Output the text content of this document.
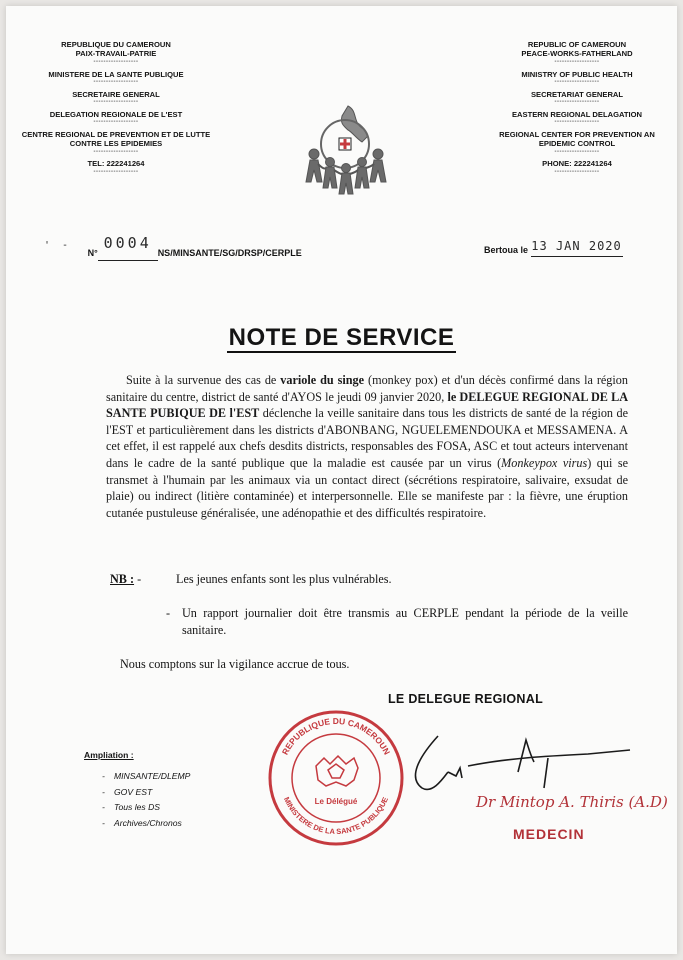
REPUBLIQUE DU CAMEROUN
PAIX-TRAVAIL-PATRIE
------------------
MINISTERE DE LA SANTE PUBLIQUE
------------------
SECRETAIRE GENERAL
------------------
DELEGATION REGIONALE DE L'EST
------------------
CENTRE REGIONAL DE PREVENTION ET DE LUTTE
CONTRE LES EPIDEMIES
------------------
TEL: 222241264
------------------
REPUBLIC OF CAMEROUN
PEACE-WORKS-FATHERLAND
------------------
MINISTRY OF PUBLIC HEALTH
------------------
SECRETARIAT GENERAL
------------------
EASTERN REGIONAL DELAGATION
------------------
REGIONAL CENTER FOR PREVENTION AN
EPIDEMIC CONTROL
------------------
PHONE: 222241264
------------------
' - N°0004NS/MINSANTE/SG/DRSP/CERPLE	Bertoua le 13 JAN 2020
NOTE DE SERVICE

Suite à la survenue des cas de variole du singe (monkey pox) et d'un décès confirmé dans la région sanitaire du centre, district de santé d'AYOS le jeudi 09 janvier 2020, le DELEGUE REGIONAL DE LA SANTE PUBIQUE DE l'EST déclenche la veille sanitaire dans tous les districts de santé de la région de l'EST et particulièrement dans les districts d'ABONBANG, NGUELEMENDOUKA et MESSAMENA. A cet effet, il est rappelé aux chefs desdits districts, responsables des FOSA, ASC et tout acteurs intervenant dans le cadre de la santé publique que la maladie est causée par un virus (Monkeypox virus) qui se transmet à l'humain par les animaux via un contact direct (sécrétions respiratoire, salivaire, exsudat de plaie) ou indirect (litière contaminée) et interpersonnelle. Elle se manifeste par : la fièvre, une éruption cutanée pustuleuse généralisée, une adénopathie et des difficultés respiratoire.

NB : -	Les jeunes enfants sont les plus vulnérables.
- Un rapport journalier doit être transmis au CERPLE pendant la période de la veille sanitaire.
Nous comptons sur la vigilance accrue de tous.
LE DELEGUE REGIONAL
Ampliation :
- MINSANTE/DLEMP
- GOV EST
- Tous les DS
- Archives/Chronos
REPUBLIQUE DU CAMEROUN
MINISTERE DE LA SANTE PUBLIQUE
Le Délégué	Dr Mintop A. Thiris (A.D)
MEDECIN
